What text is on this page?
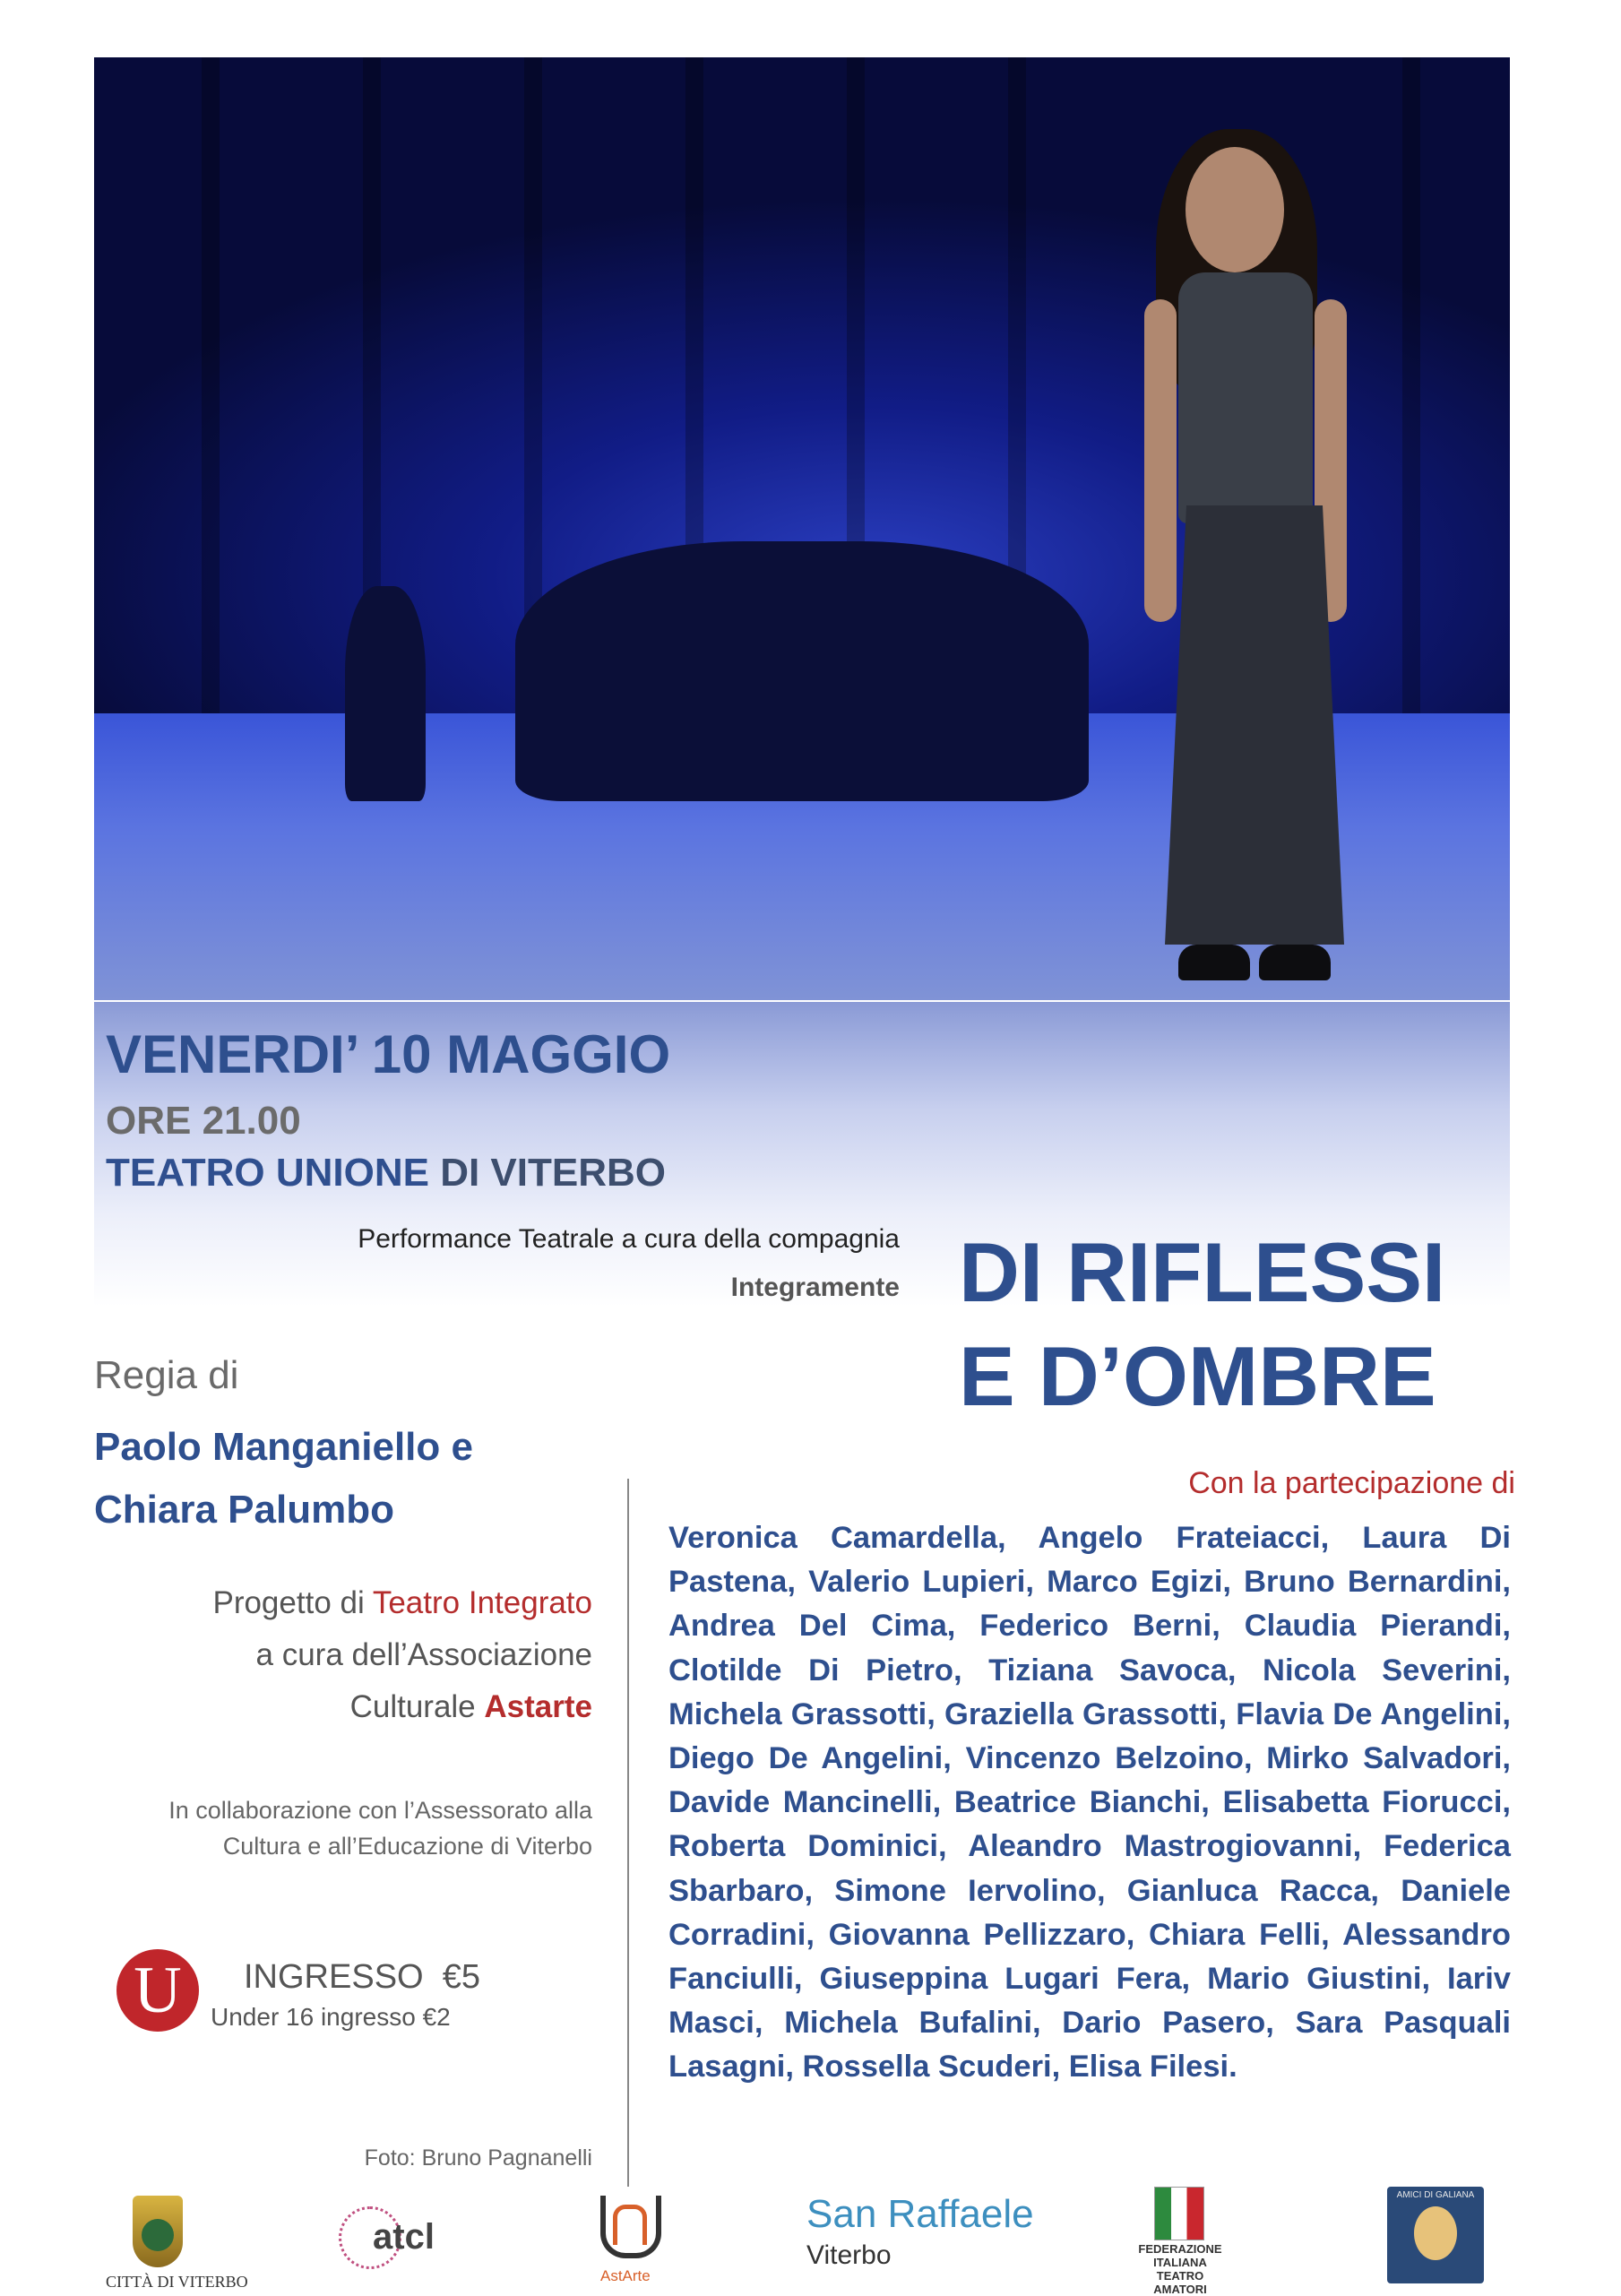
VENERDI’ 10 MAGGIO
ORE 21.00
TEATRO UNIONE DI VITERBO
Performance Teatrale a cura della compagnia
Integramente DI RIFLESSI
E D’OMBRE
Regia di
Paolo Manganiello e
Chiara Palumbo
Progetto di Teatro Integrato
a cura dell’Associazione
Culturale Astarte
In collaborazione con l’Assessorato alla
Cultura e all’Educazione di Viterbo
U	INGRESSO  €5
Under 16 ingresso €2
Foto: Bruno Pagnanelli
Con la partecipazione di
Veronica Camardella, Angelo Frateiacci, Laura Di Pastena, Valerio Lupieri, Marco Egizi, Bruno Bernardini, Andrea Del Cima, Federico Berni, Claudia Pierandi, Clotilde Di Pietro, Tiziana Savoca, Nicola Severini, Michela Grassotti, Graziella Grassotti, Flavia De Angelini, Diego De Angelini, Vincenzo Belzoino, Mirko Salvadori, Davide Mancinelli, Beatrice Bianchi, Elisabetta Fiorucci, Roberta Dominici, Aleandro Mastrogiovanni, Federica Sbarbaro, Simone Iervolino, Gianluca Racca, Daniele Corradini, Giovanna Pellizzaro, Chiara Felli, Alessandro Fanciulli, Giuseppina Lugari Fera, Mario Giustini, Iariv Masci, Michela Bufalini, Dario Pasero, Sara Pasquali Lasagni, Rossella Scuderi, Elisa Filesi.
CITTÀ DI VITERBO
atcl
AstArte
San Raffaele
Viterbo	FEDERAZIONE ITALIANA TEATRO AMATORI
AMICI DI GALIANA
